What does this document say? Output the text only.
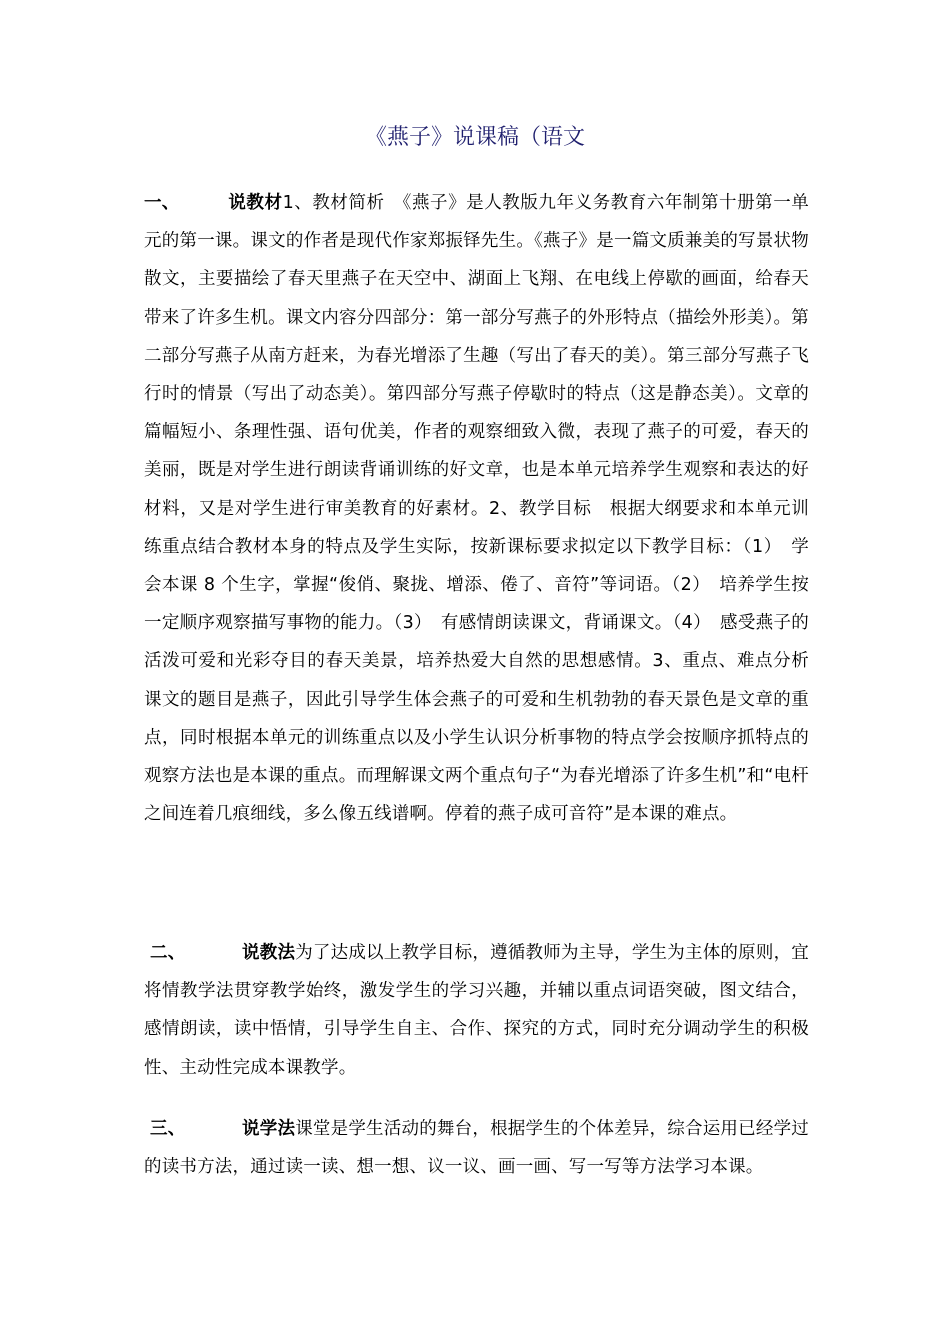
《燕子》说课稿（语文
一、	说教材1、教材简析　《燕子》是人教版九年义务教育六年制第十册第一单元的第一课。课文的作者是现代作家郑振铎先生。《燕子》是一篇文质兼美的写景状物散文，主要描绘了春天里燕子在天空中、湖面上飞翔、在电线上停歇的画面，给春天带来了许多生机。课文内容分四部分：第一部分写燕子的外形特点（描绘外形美）。第二部分写燕子从南方赶来，为春光增添了生趣（写出了春天的美）。第三部分写燕子飞行时的情景（写出了动态美）。第四部分写燕子停歇时的特点（这是静态美）。文章的篇幅短小、条理性强、语句优美，作者的观察细致入微，表现了燕子的可爱，春天的美丽，既是对学生进行朗读背诵训练的好文章，也是本单元培养学生观察和表达的好材料，又是对学生进行审美教育的好素材。2、教学目标　根据大纲要求和本单元训练重点结合教材本身的特点及学生实际，按新课标要求拟定以下教学目标：（1）　学会本课 8 个生字，掌握“俊俏、聚拢、增添、倦了、音符”等词语。（2）　培养学生按一定顺序观察描写事物的能力。（3）　有感情朗读课文，背诵课文。（4）　感受燕子的活泼可爱和光彩夺目的春天美景，培养热爱大自然的思想感情。3、重点、难点分析　课文的题目是燕子，因此引导学生体会燕子的可爱和生机勃勃的春天景色是文章的重点，同时根据本单元的训练重点以及小学生认识分析事物的特点学会按顺序抓特点的观察方法也是本课的重点。而理解课文两个重点句子“为春光增添了许多生机”和“电杆之间连着几痕细线，多么像五线谱啊。停着的燕子成可音符”是本课的难点。
二、	说教法为了达成以上教学目标，遵循教师为主导，学生为主体的原则，宜将情教学法贯穿教学始终，激发学生的学习兴趣，并辅以重点词语突破，图文结合，感情朗读，读中悟情，引导学生自主、合作、探究的方式，同时充分调动学生的积极性、主动性完成本课教学。
三、	说学法课堂是学生活动的舞台，根据学生的个体差异，综合运用已经学过的读书方法，通过读一读、想一想、议一议、画一画、写一写等方法学习本课。
